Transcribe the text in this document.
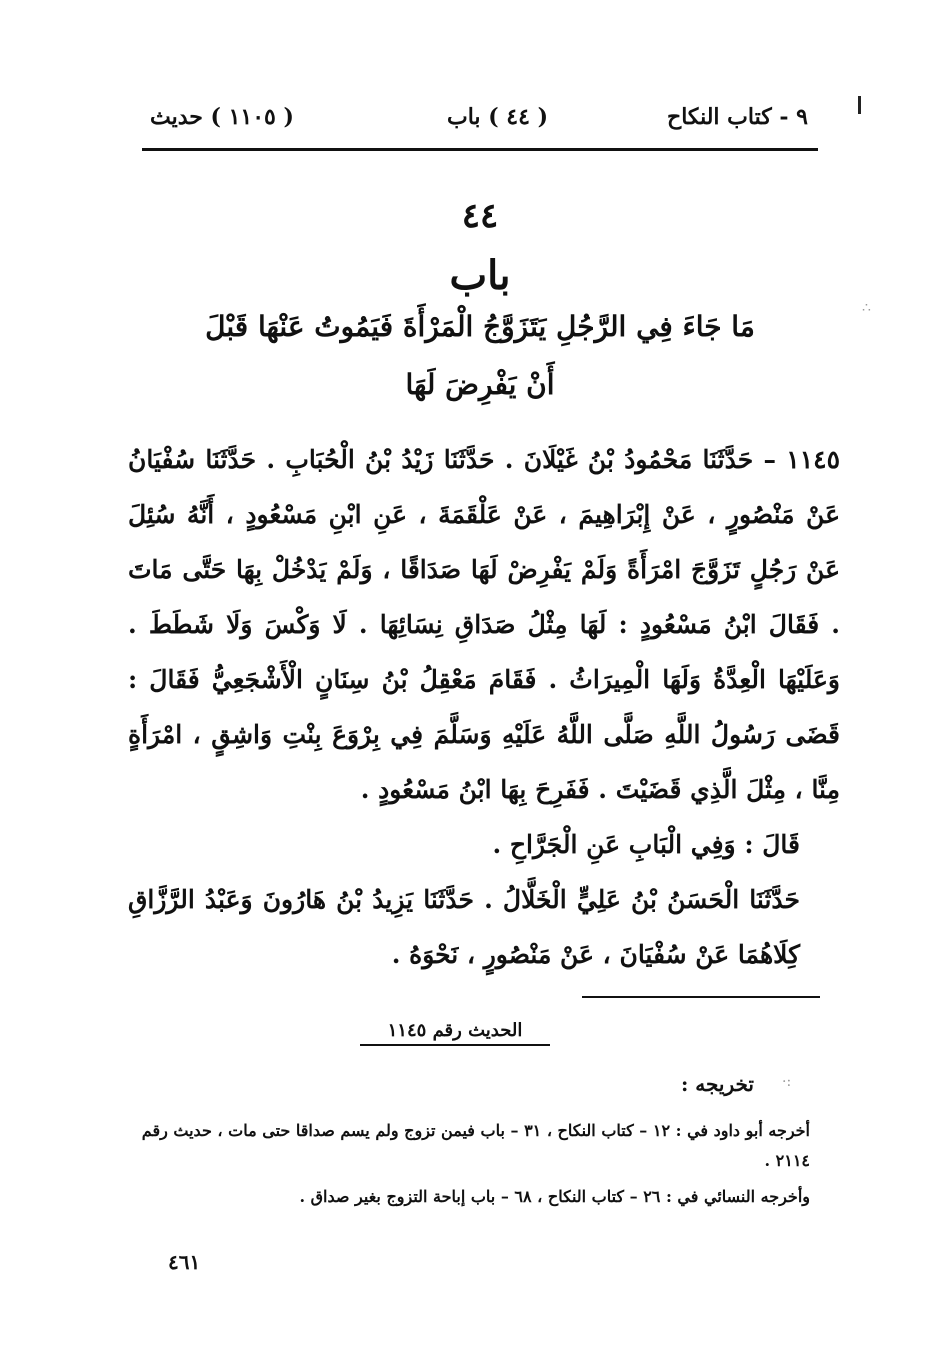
٩ - كتاب النكاح
( ٤٤ ) باب
( ١١٠٥ ) حديث
٤٤
باب
مَا جَاءَ فِي الرَّجُلِ يَتَزَوَّجُ الْمَرْأَةَ فَيَمُوتُ عَنْهَا قَبْلَ
أَنْ يَفْرِضَ لَهَا

١١٤٥ – حَدَّثَنَا مَحْمُودُ بْنُ غَيْلَانَ . حَدَّثَنَا زَيْدُ بْنُ الْحُبَابِ . حَدَّثَنَا سُفْيَانُ عَنْ مَنْصُورٍ ، عَنْ إِبْرَاهِيمَ ، عَنْ عَلْقَمَةَ ، عَنِ ابْنِ مَسْعُودٍ ، أَنَّهُ سُئِلَ عَنْ رَجُلٍ تَزَوَّجَ امْرَأَةً وَلَمْ يَفْرِضْ لَهَا صَدَاقًا ، وَلَمْ يَدْخُلْ بِهَا حَتَّى مَاتَ . فَقَالَ ابْنُ مَسْعُودٍ : لَهَا مِثْلُ صَدَاقِ نِسَائِهَا . لَا وَكْسَ وَلَا شَطَطَ . وَعَلَيْهَا الْعِدَّةُ وَلَهَا الْمِيرَاثُ . فَقَامَ مَعْقِلُ بْنُ سِنَانٍ الْأَشْجَعِيُّ فَقَالَ : قَضَى رَسُولُ اللَّهِ صَلَّى اللَّهُ عَلَيْهِ وَسَلَّمَ فِي بِرْوَعَ بِنْتِ وَاشِقٍ ، امْرَأَةٍ مِنَّا ، مِثْلَ الَّذِي قَضَيْتَ . فَفَرِحَ بِهَا ابْنُ مَسْعُودٍ .

قَالَ : وَفِي الْبَابِ عَنِ الْجَرَّاحِ .

حَدَّثَنَا الْحَسَنُ بْنُ عَلِيٍّ الْخَلَّالُ . حَدَّثَنَا يَزِيدُ بْنُ هَارُونَ وَعَبْدُ الرَّزَّاقِ كِلَاهُمَا عَنْ سُفْيَانَ ، عَنْ مَنْصُورٍ ، نَحْوَهُ .

الحديث رقم ١١٤٥
تخريجه :

أخرجه أبو داود في : ١٢ – كتاب النكاح ، ٣١ – باب فيمن تزوج ولم يسم صداقا حتى مات ، حديث رقم ٢١١٤ .

وأخرجه النسائي في : ٢٦ – كتاب النكاح ، ٦٨ – باب إباحة التزوج بغير صداق .

٤٦١
∴
·:
